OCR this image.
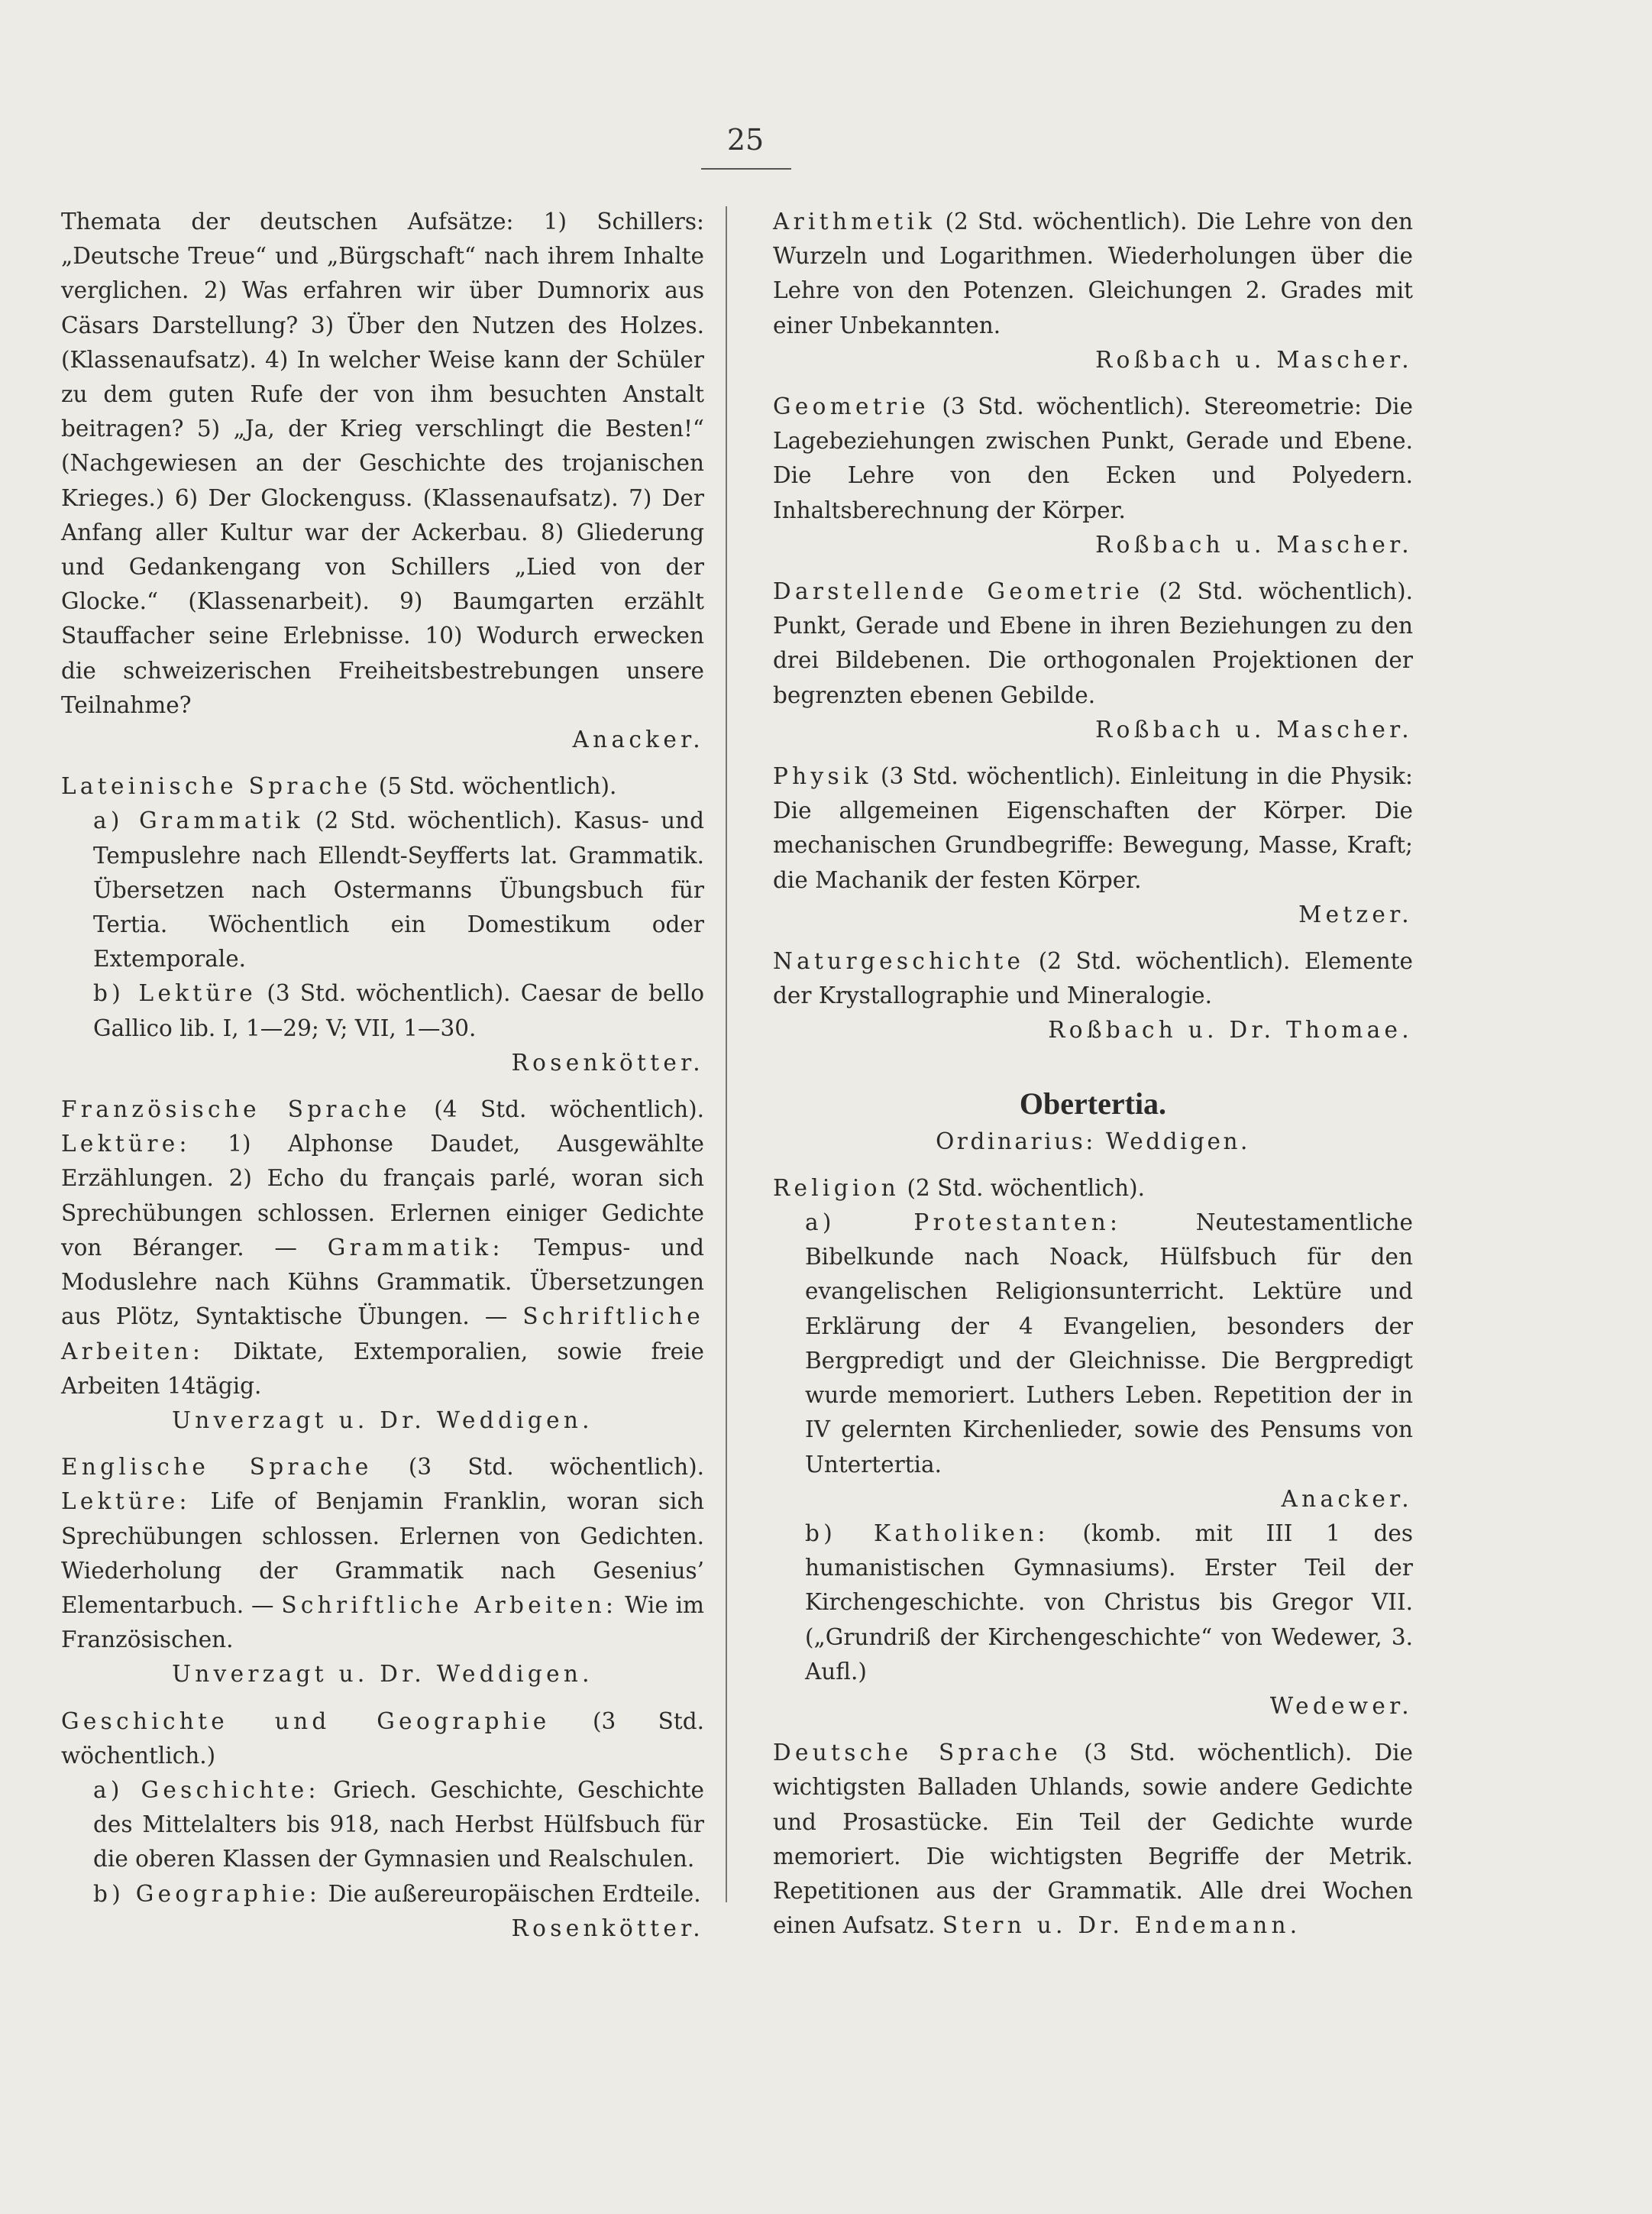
25

Themata der deutschen Aufsätze: 1) Schillers: „Deutsche Treue“ und „Bürgschaft“ nach ihrem Inhalte verglichen. 2) Was erfahren wir über Dumnorix aus Cäsars Darstellung? 3) Über den Nutzen des Holzes. (Klassenaufsatz). 4) In welcher Weise kann der Schüler zu dem guten Rufe der von ihm besuchten Anstalt beitragen? 5) „Ja, der Krieg verschlingt die Besten!“ (Nachgewiesen an der Geschichte des trojanischen Krieges.) 6) Der Glockenguss. (Klassenaufsatz). 7) Der Anfang aller Kultur war der Ackerbau. 8) Gliederung und Gedankengang von Schillers „Lied von der Glocke.“ (Klassenarbeit). 9) Baumgarten erzählt Stauffacher seine Erlebnisse. 10) Wodurch erwecken die schweizerischen Freiheitsbestrebungen unsere Teilnahme?

Anacker.

Lateinische Sprache (5 Std. wöchentlich).

a) Grammatik (2 Std. wöchentlich). Kasus- und Tempuslehre nach Ellendt-Seyfferts lat. Grammatik. Übersetzen nach Ostermanns Übungsbuch für Tertia. Wöchentlich ein Domestikum oder Extemporale.

b) Lektüre (3 Std. wöchentlich). Caesar de bello Gallico lib. I, 1—29; V; VII, 1—30.

Rosenkötter.

Französische Sprache (4 Std. wöchentlich). Lektüre: 1) Alphonse Daudet, Ausgewählte Erzählungen. 2) Echo du français parlé, woran sich Sprechübungen schlossen. Erlernen einiger Gedichte von Béranger. — Grammatik: Tempus- und Moduslehre nach Kühns Grammatik. Übersetzungen aus Plötz, Syntaktische Übungen. — Schriftliche Arbeiten: Diktate, Extemporalien, sowie freie Arbeiten 14tägig.

Unverzagt u. Dr. Weddigen.

Englische Sprache (3 Std. wöchentlich). Lektüre: Life of Benjamin Franklin, woran sich Sprechübungen schlossen. Erlernen von Gedichten. Wiederholung der Grammatik nach Gesenius’ Elementarbuch. — Schriftliche Arbeiten: Wie im Französischen.

Unverzagt u. Dr. Weddigen.

Geschichte und Geographie (3 Std. wöchentlich.)

a) Geschichte: Griech. Geschichte, Geschichte des Mittelalters bis 918, nach Herbst Hülfsbuch für die oberen Klassen der Gymnasien und Realschulen.

b) Geographie: Die außereuropäischen Erdteile.

Rosenkötter.

Arithmetik (2 Std. wöchentlich). Die Lehre von den Wurzeln und Logarithmen. Wiederholungen über die Lehre von den Potenzen. Gleichungen 2. Grades mit einer Unbekannten.

Roßbach u. Mascher.

Geometrie (3 Std. wöchentlich). Stereometrie: Die Lagebeziehungen zwischen Punkt, Gerade und Ebene. Die Lehre von den Ecken und Polyedern. Inhaltsberechnung der Körper.

Roßbach u. Mascher.

Darstellende Geometrie (2 Std. wöchentlich). Punkt, Gerade und Ebene in ihren Beziehungen zu den drei Bildebenen. Die orthogonalen Projektionen der begrenzten ebenen Gebilde.

Roßbach u. Mascher.

Physik (3 Std. wöchentlich). Einleitung in die Physik: Die allgemeinen Eigenschaften der Körper. Die mechanischen Grundbegriffe: Bewegung, Masse, Kraft; die Machanik der festen Körper.

Metzer.

Naturgeschichte (2 Std. wöchentlich). Elemente der Krystallographie und Mineralogie.

Roßbach u. Dr. Thomae.

Obertertia.

Ordinarius: Weddigen.

Religion (2 Std. wöchentlich).

a) Protestanten:	Neutestamentliche Bibelkunde nach Noack, Hülfsbuch für den evangelischen Religionsunterricht. Lektüre und Erklärung der 4 Evangelien, besonders der Bergpredigt und der Gleichnisse. Die Bergpredigt wurde memoriert. Luthers Leben. Repetition der in IV gelernten Kirchenlieder, sowie des Pensums von Untertertia.

Anacker.

b) Katholiken: (komb. mit III 1 des humanistischen Gymnasiums). Erster Teil der Kirchengeschichte. von Christus bis Gregor VII. („Grundriß der Kirchengeschichte“ von Wedewer, 3. Aufl.)

Wedewer.

Deutsche Sprache (3 Std. wöchentlich). Die wichtigsten Balladen Uhlands, sowie andere Gedichte und Prosastücke. Ein Teil der Gedichte wurde memoriert. Die wichtigsten Begriffe der Metrik. Repetitionen aus der Grammatik. Alle drei Wochen einen Aufsatz. Stern u. Dr. Endemann.
